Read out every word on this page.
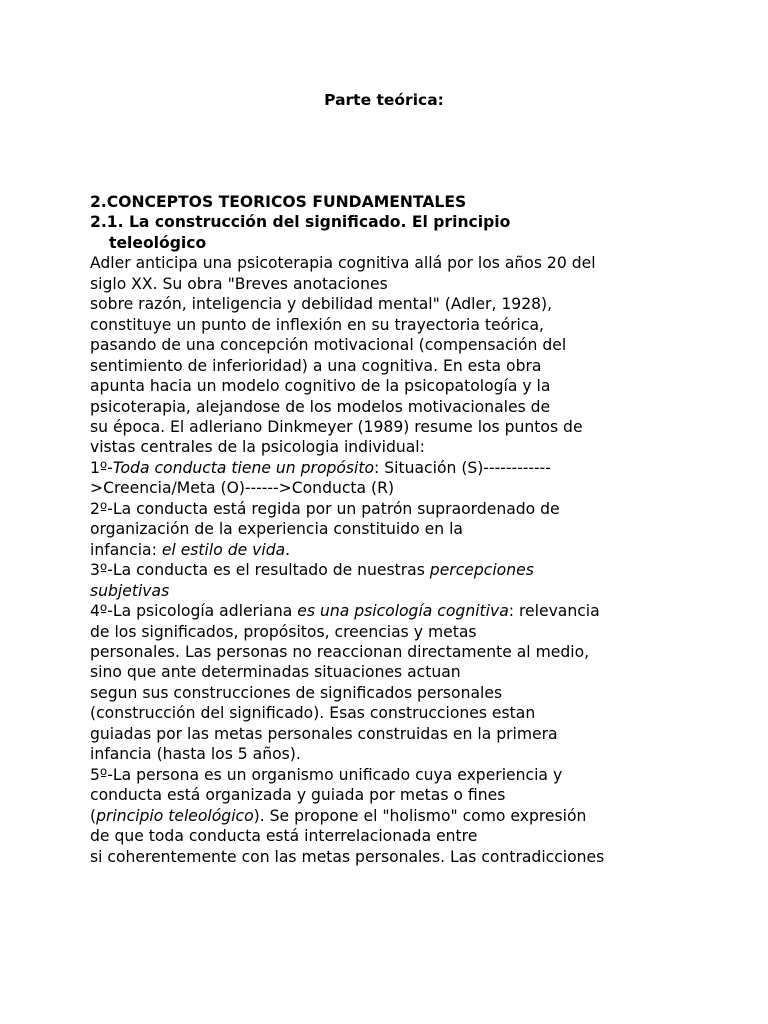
Parte teórica:
2.CONCEPTOS TEORICOS FUNDAMENTALES
2.1. La construcción del significado. El principio
teleológico
Adler anticipa una psicoterapia cognitiva allá por los años 20 del
siglo XX. Su obra "Breves anotaciones
sobre razón, inteligencia y debilidad mental" (Adler, 1928),
constituye un punto de inflexión en su trayectoria teórica,
pasando de una concepción motivacional (compensación del
sentimiento de inferioridad) a una cognitiva. En esta obra
apunta hacia un modelo cognitivo de la psicopatología y la
psicoterapia, alejandose de los modelos motivacionales de
su época. El adleriano Dinkmeyer (1989) resume los puntos de
vistas centrales de la psicologia individual:
1º-Toda conducta tiene un propósito: Situación (S)------------
>Creencia/Meta (O)------>Conducta (R)
2º-La conducta está regida por un patrón supraordenado de
organización de la experiencia constituido en la
infancia: el estilo de vida.
3º-La conducta es el resultado de nuestras percepciones
subjetivas
4º-La psicología adleriana es una psicología cognitiva: relevancia
de los significados, propósitos, creencias y metas
personales. Las personas no reaccionan directamente al medio,
sino que ante determinadas situaciones actuan
segun sus construcciones de significados personales
(construcción del significado). Esas construcciones estan
guiadas por las metas personales construidas en la primera
infancia (hasta los 5 años).
5º-La persona es un organismo unificado cuya experiencia y
conducta está organizada y guiada por metas o fines
(principio teleológico). Se propone el "holismo" como expresión
de que toda conducta está interrelacionada entre
si coherentemente con las metas personales. Las contradicciones
